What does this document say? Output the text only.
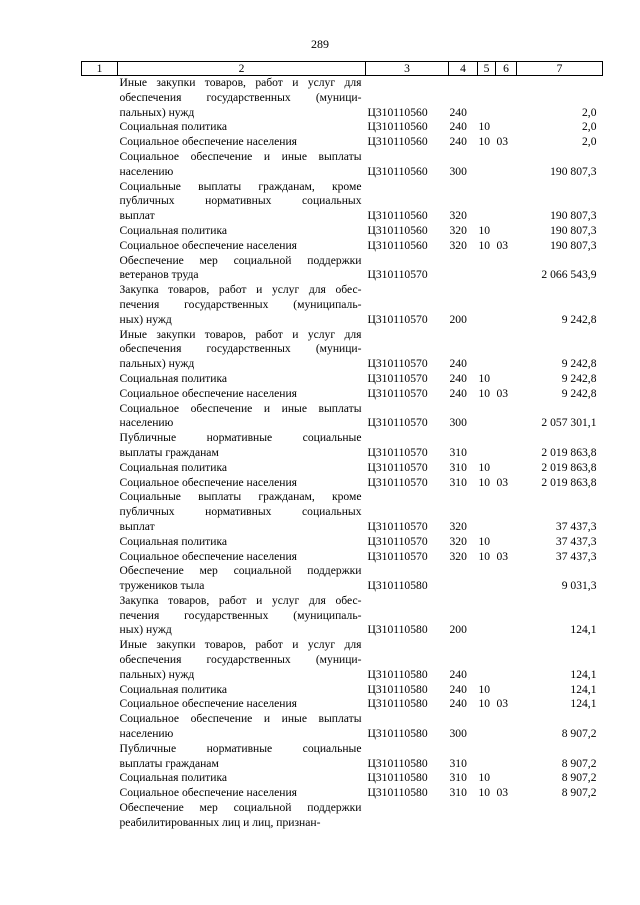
289
1	2	3	4	5	6	7

	Иные закупки товаров, работ и услуг для
обеспечения государственных (муници-
пальных) нужд	Ц310110560	240			2,0

	Социальная политика	Ц310110560	240	10		2,0

	Социальное обеспечение населения	Ц310110560	240	10	03	2,0

	Социальное обеспечение и иные выплаты
населению	Ц310110560	300			190 807,3

	Социальные выплаты гражданам, кроме
публичных нормативных социальных
выплат	Ц310110560	320			190 807,3

	Социальная политика	Ц310110560	320	10		190 807,3

	Социальное обеспечение населения	Ц310110560	320	10	03	190 807,3

	Обеспечение мер социальной поддержки
ветеранов труда	Ц310110570				2 066 543,9

	Закупка товаров, работ и услуг для обес-
печения государственных (муниципаль-
ных) нужд	Ц310110570	200			9 242,8

	Иные закупки товаров, работ и услуг для
обеспечения государственных (муници-
пальных) нужд	Ц310110570	240			9 242,8

	Социальная политика	Ц310110570	240	10		9 242,8

	Социальное обеспечение населения	Ц310110570	240	10	03	9 242,8

	Социальное обеспечение и иные выплаты
населению	Ц310110570	300			2 057 301,1

	Публичные нормативные социальные
выплаты гражданам	Ц310110570	310			2 019 863,8

	Социальная политика	Ц310110570	310	10		2 019 863,8

	Социальное обеспечение населения	Ц310110570	310	10	03	2 019 863,8

	Социальные выплаты гражданам, кроме
публичных нормативных социальных
выплат	Ц310110570	320			37 437,3

	Социальная политика	Ц310110570	320	10		37 437,3

	Социальное обеспечение населения	Ц310110570	320	10	03	37 437,3

	Обеспечение мер социальной поддержки
тружеников тыла	Ц310110580				9 031,3

	Закупка товаров, работ и услуг для обес-
печения государственных (муниципаль-
ных) нужд	Ц310110580	200			124,1

	Иные закупки товаров, работ и услуг для
обеспечения государственных (муници-
пальных) нужд	Ц310110580	240			124,1

	Социальная политика	Ц310110580	240	10		124,1

	Социальное обеспечение населения	Ц310110580	240	10	03	124,1

	Социальное обеспечение и иные выплаты
населению	Ц310110580	300			8 907,2

	Публичные нормативные социальные
выплаты гражданам	Ц310110580	310			8 907,2

	Социальная политика	Ц310110580	310	10		8 907,2

	Социальное обеспечение населения	Ц310110580	310	10	03	8 907,2

	Обеспечение мер социальной поддержки
реабилитированных лиц и лиц, признан-					
